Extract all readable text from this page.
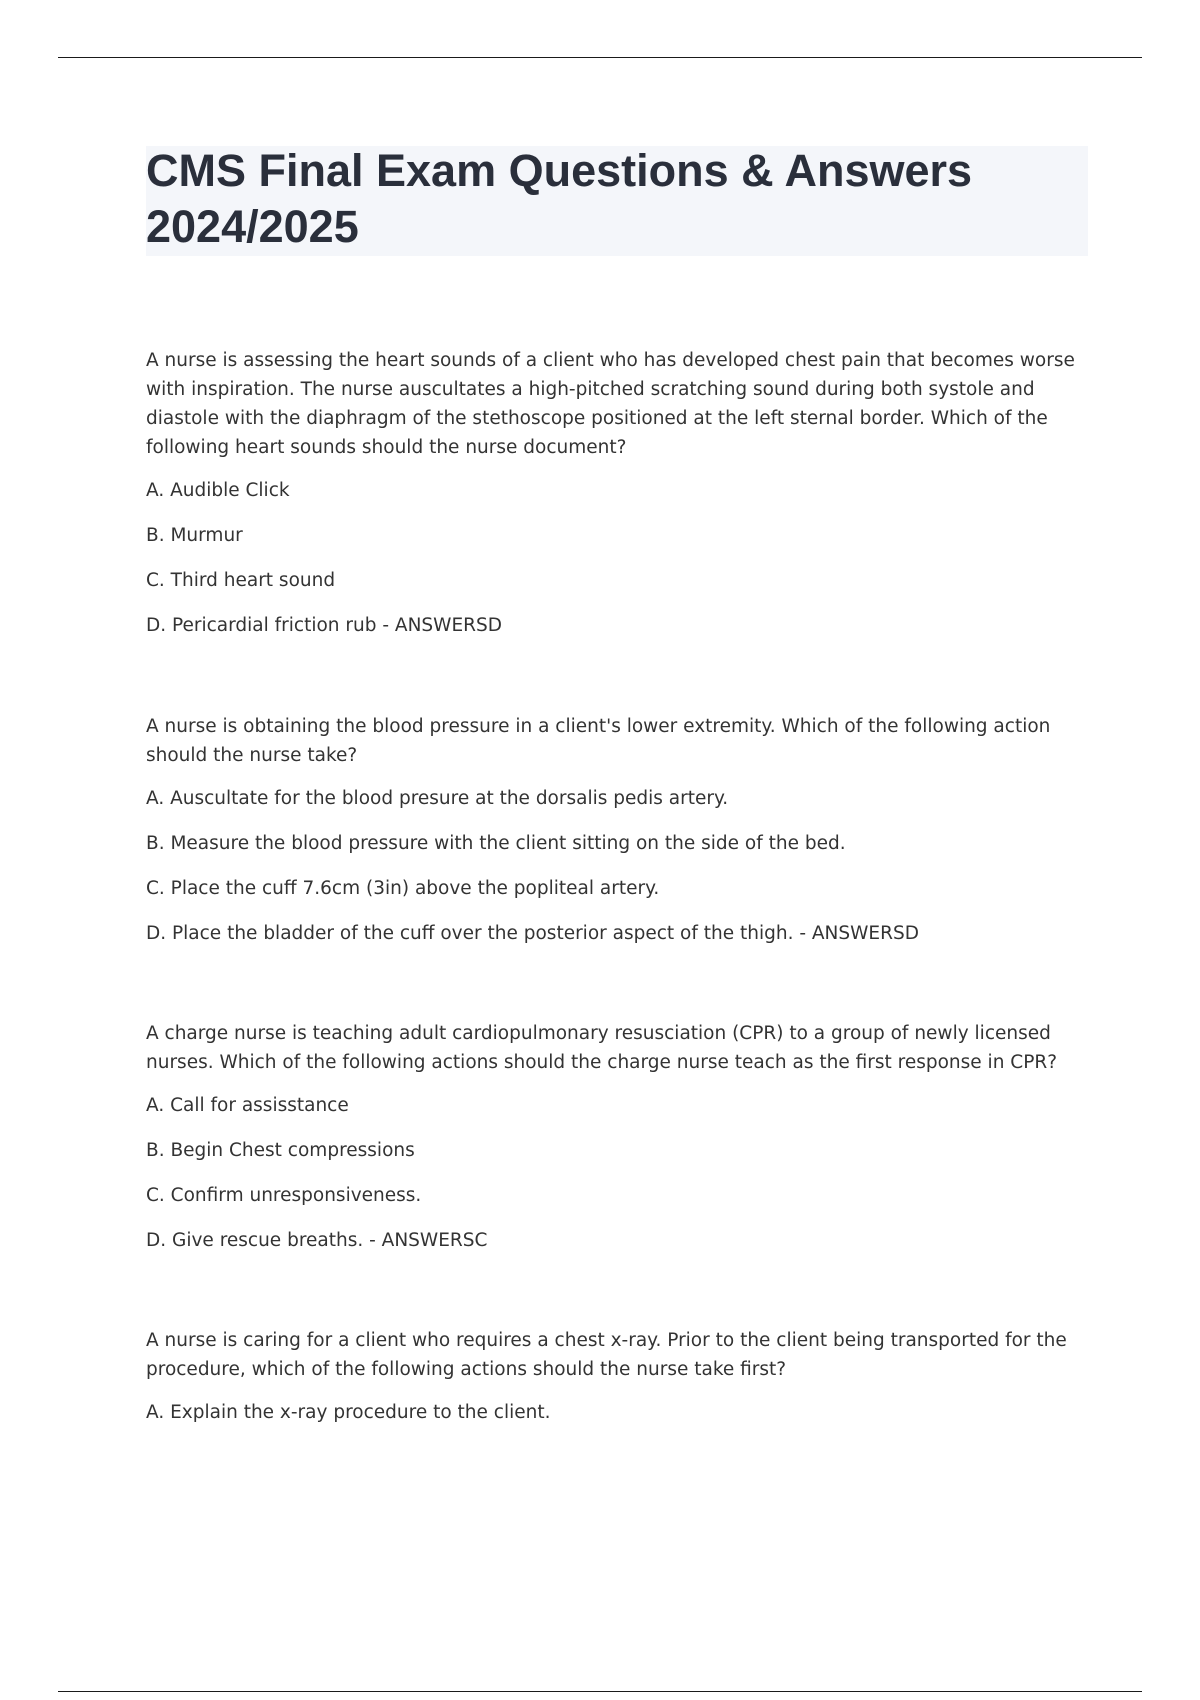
CMS Final Exam Questions & Answers 2024/2025

A nurse is assessing the heart sounds of a client who has developed chest pain that becomes worse with inspiration. The nurse auscultates a high-pitched scratching sound during both systole and diastole with the diaphragm of the stethoscope positioned at the left sternal border. Which of the following heart sounds should the nurse document?

A. Audible Click
B. Murmur
C. Third heart sound
D. Pericardial friction rub - ANSWERSD

A nurse is obtaining the blood pressure in a client's lower extremity. Which of the following action should the nurse take?

A. Auscultate for the blood presure at the dorsalis pedis artery.
B. Measure the blood pressure with the client sitting on the side of the bed.
C. Place the cuff 7.6cm (3in) above the popliteal artery.
D. Place the bladder of the cuff over the posterior aspect of the thigh. - ANSWERSD

A charge nurse is teaching adult cardiopulmonary resusciation (CPR) to a group of newly licensed nurses. Which of the following actions should the charge nurse teach as the first response in CPR?

A. Call for assisstance
B. Begin Chest compressions
C. Confirm unresponsiveness.
D. Give rescue breaths. - ANSWERSC

A nurse is caring for a client who requires a chest x-ray. Prior to the client being transported for the procedure, which of the following actions should the nurse take first?

A. Explain the x-ray procedure to the client.
